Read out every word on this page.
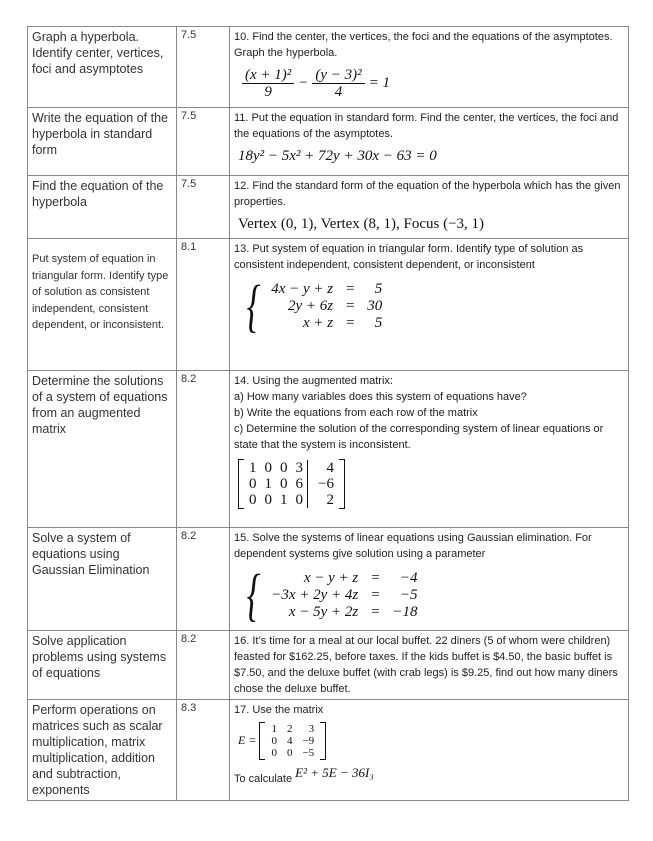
Graph a hyperbola. Identify center, vertices, foci and asymptotes	7.5	10. Find the center, the vertices, the foci and the equations of the asymptotes. Graph the hyperbola.
$\frac{\text{(x + 1)²}}{9} - \frac{\text{(y − 3)²}}{4} = 1$

Write the equation of the hyperbola in standard form	7.5	11. Put the equation in standard form. Find the center, the vertices, the foci and the equations of the asymptotes.
18y² − 5x² + 72y + 30x − 63 = 0

Find the equation of the hyperbola	7.5	12. Find the standard form of the equation of the hyperbola which has the given properties.
Vertex (0, 1), Vertex (8, 1), Focus (−3, 1)

Put system of equation in triangular form. Identify type of solution as consistent independent, consistent dependent, or inconsistent.	8.1	13. Put system of equation in triangular form. Identify type of solution as consistent independent, consistent dependent, or inconsistent
{ 4x − y + z	=	5
2y + 6z	=	30
x + z	=	5

Determine the solutions of a system of equations from an augmented matrix	8.2	14. Using the augmented matrix:
a) How many variables does this system of equations have?
b) Write the equations from each row of the matrix
c) Determine the solution of the corresponding system of linear equations or state that the system is inconsistent.
1	0	0	3	4
0	1	0	6	−6
0	0	1	0	2

Solve a system of equations using Gaussian Elimination	8.2	15. Solve the systems of linear equations using Gaussian elimination. For dependent systems give solution using a parameter
{	x − y + z	=	−4
−3x + 2y + 4z	=	−5
x − 5y + 2z	=	−18

Solve application problems using systems of equations	8.2	16. It’s time for a meal at our local buffet. 22 diners (5 of whom were children) feasted for $162.25, before taxes. If the kids buffet is $4.50, the basic buffet is $7.50, and the deluxe buffet (with crab legs) is $9.25, find out how many diners chose the deluxe buffet.
Perform operations on matrices such as scalar multiplication, matrix multiplication, addition and subtraction, exponents	8.3	17. Use the matrix
E =
1	2	3
0	4	−9
0	0	−5
To calculate E² + 5E − 36I₃
